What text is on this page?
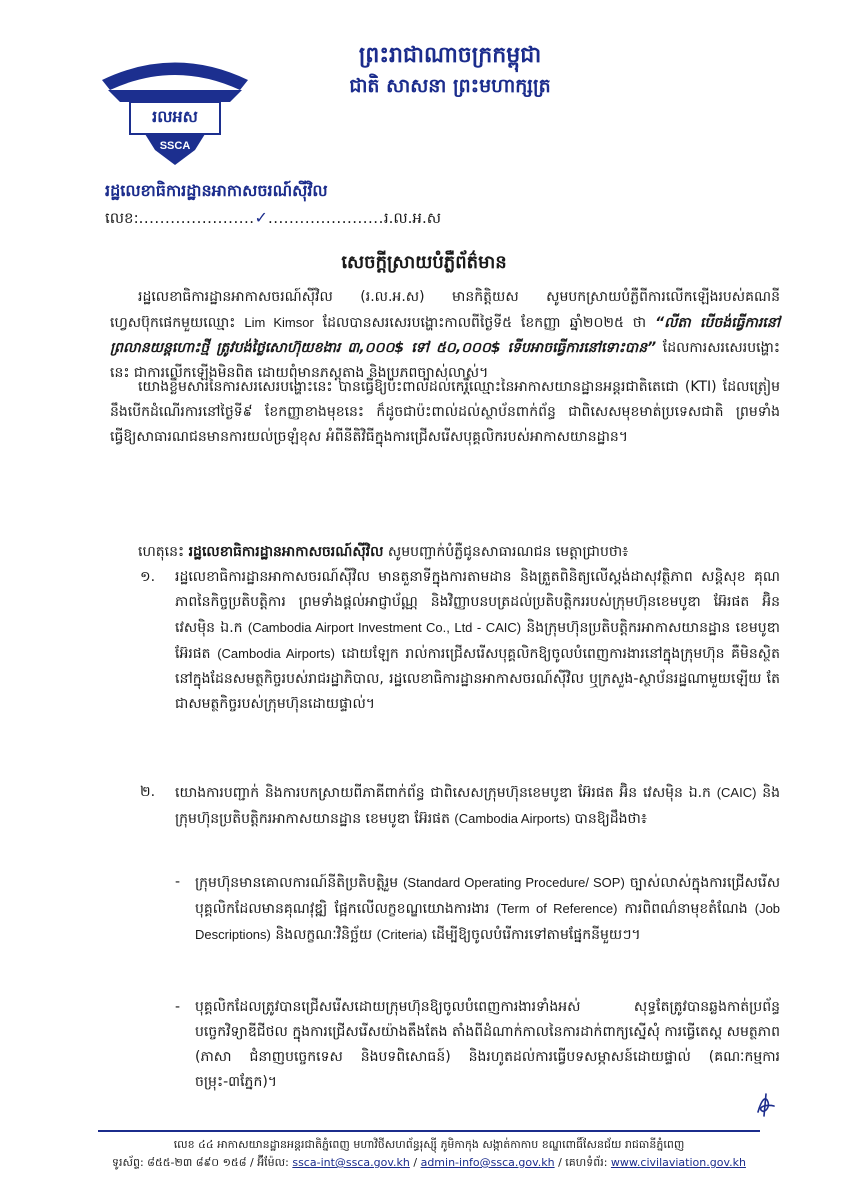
រលអស
SSCA
ព្រះរាជាណាចក្រកម្ពុជា
ជាតិ សាសនា ព្រះមហាក្សត្រ
រដ្ឋលេខាធិការដ្ឋានអាកាសចរណ៍ស៊ីវិល
លេខ:......................✓......................រ.ល.អ.ស
សេចក្ដីស្រាយបំភ្លឺព័ត៌មាន
រដ្ឋលេខាធិការដ្ឋានអាកាសចរណ៍ស៊ីវិល (រ.ល.អ.ស) មានកិត្តិយស សូមបកស្រាយបំភ្លឺពីការលើកឡើងរបស់គណនីហ្វេសប៊ុកផេកមួយឈ្មោះ Lim Kimsor ដែលបានសរសេរបង្ហោះកាលពីថ្ងៃទី៥ ខែកញ្ញា ឆ្នាំ២០២៥ ថា “លីតា បើចង់ធ្វើការនៅព្រលានយន្តហោះថ្មី ត្រូវបង់ថ្លៃសោហ៊ុយខងារ ៣,០០០$ ទៅ ៥០,០០០$ ទើបអាចធ្វើការនៅទោះបាន” ដែលការសរសេរបង្ហោះនេះ ជាការលើកឡើងមិនពិត ដោយពុំមានភស្តុតាង និងប្រភពច្បាស់លាស់។
យោងខ្លឹមសារនៃការសរសេរបង្ហោះនេះ បានធ្វើឱ្យប៉ះពាល់ដល់កេរ្តិ៍ឈ្មោះនៃអាកាសយានដ្ឋានអន្តរជាតិតេជោ (KTI) ដែលត្រៀមនឹងបើកដំណើរការនៅថ្ងៃទី៩ ខែកញ្ញាខាងមុខនេះ ក៏ដូចជាប៉ះពាល់ដល់ស្ថាប័នពាក់ព័ន្ធ ជាពិសេសមុខមាត់ប្រទេសជាតិ ព្រមទាំងធ្វើឱ្យសាធារណជនមានការយល់ច្រឡំខុស អំពីនីតិវិធីក្នុងការជ្រើសរើសបុគ្គលិករបស់អាកាសយានដ្ឋាន។
ហេតុនេះ រដ្ឋលេខាធិការដ្ឋានអាកាសចរណ៍ស៊ីវិល សូមបញ្ជាក់បំភ្លឺជូនសាធារណជន មេត្តាជ្រាបថា៖
១. រដ្ឋលេខាធិការដ្ឋានអាកាសចរណ៍ស៊ីវិល មានតួនាទីក្នុងការតាមដាន និងត្រួតពិនិត្យលើស្តង់ដាសុវត្ថិភាព សន្តិសុខ គុណភាពនៃកិច្ចប្រតិបត្តិការ ព្រមទាំងផ្តល់អាជ្ញាប័ណ្ណ និងវិញ្ញាបនបត្រដល់ប្រតិបត្តិកររបស់ក្រុមហ៊ុនខេមបូឌា អ៊ែរផត អ៊ិន វេសម៉ិន ឯ.ក (Cambodia Airport Investment Co., Ltd - CAIC) និងក្រុមហ៊ុនប្រតិបត្តិករអាកាសយានដ្ឋាន ខេមបូឌា អ៊ែរផត (Cambodia Airports) ដោយឡែក រាល់ការជ្រើសរើសបុគ្គលិកឱ្យចូលបំពេញការងារនៅក្នុងក្រុមហ៊ុន គឺមិនស្ថិតនៅក្នុងដែនសមត្ថកិច្ចរបស់រាជរដ្ឋាភិបាល, រដ្ឋលេខាធិការដ្ឋានអាកាសចរណ៍ស៊ីវិល ឬក្រសួង-ស្ថាប័នរដ្ឋណាមួយឡើយ តែជាសមត្ថកិច្ចរបស់ក្រុមហ៊ុនដោយផ្ទាល់។
២. យោងការបញ្ជាក់ និងការបកស្រាយពីភាគីពាក់ព័ន្ធ ជាពិសេសក្រុមហ៊ុនខេមបូឌា អ៊ែរផត អ៊ិន វេសម៉ិន ឯ.ក (CAIC) និងក្រុមហ៊ុនប្រតិបត្តិករអាកាសយានដ្ឋាន ខេមបូឌា អ៊ែរផត (Cambodia Airports) បានឱ្យដឹងថា៖
- ក្រុមហ៊ុនមានគោលការណ៍នីតិប្រតិបត្តិរួម (Standard Operating Procedure/ SOP) ច្បាស់លាស់ក្នុងការជ្រើសរើសបុគ្គលិកដែលមានគុណវុឌ្ឍិ ផ្អែកលើលក្ខខណ្ឌយោងការងារ (Term of Reference) ការពិពណ៌នាមុខតំណែង (Job Descriptions) និងលក្ខណៈវិនិច្ឆ័យ (Criteria) ដើម្បីឱ្យចូលបំរើការទៅតាមផ្នែកនីមួយៗ។
- បុគ្គលិកដែលត្រូវបានជ្រើសរើសដោយក្រុមហ៊ុនឱ្យចូលបំពេញការងារទាំងអស់ សុទ្ធតែត្រូវបានឆ្លងកាត់ប្រព័ន្ធបច្ចេកវិទ្យាឌីជីថល ក្នុងការជ្រើសរើសយ៉ាងតឹងតែង តាំងពីដំណាក់កាលនៃការដាក់ពាក្យស្នើសុំ ការធ្វើតេស្ត សមត្ថភាព (ភាសា ជំនាញបច្ចេកទេស និងបទពិសោធន៍) និងរហូតដល់ការធ្វើបទសម្ភាសន៍ដោយផ្ទាល់ (គណៈកម្មការចម្រុះ-៣ភ្នែក)។
លេខ ៤៤ អាកាសយានដ្ឋានអន្តរជាតិភ្នំពេញ មហាវិថីសហព័ន្ធរុស្ស៊ី ភូមិកាកុង សង្កាត់កាកាប ខណ្ឌពោធិ៍សែនជ័យ រាជធានីភ្នំពេញ
ទូរស័ព្ទ: ៨៥៥-២៣ ៨៩០ ១៥៨ / អ៊ីម៉ែល: ssca-int@ssca.gov.kh / admin-info@ssca.gov.kh / គេហទំព័រ: www.civilaviation.gov.kh
